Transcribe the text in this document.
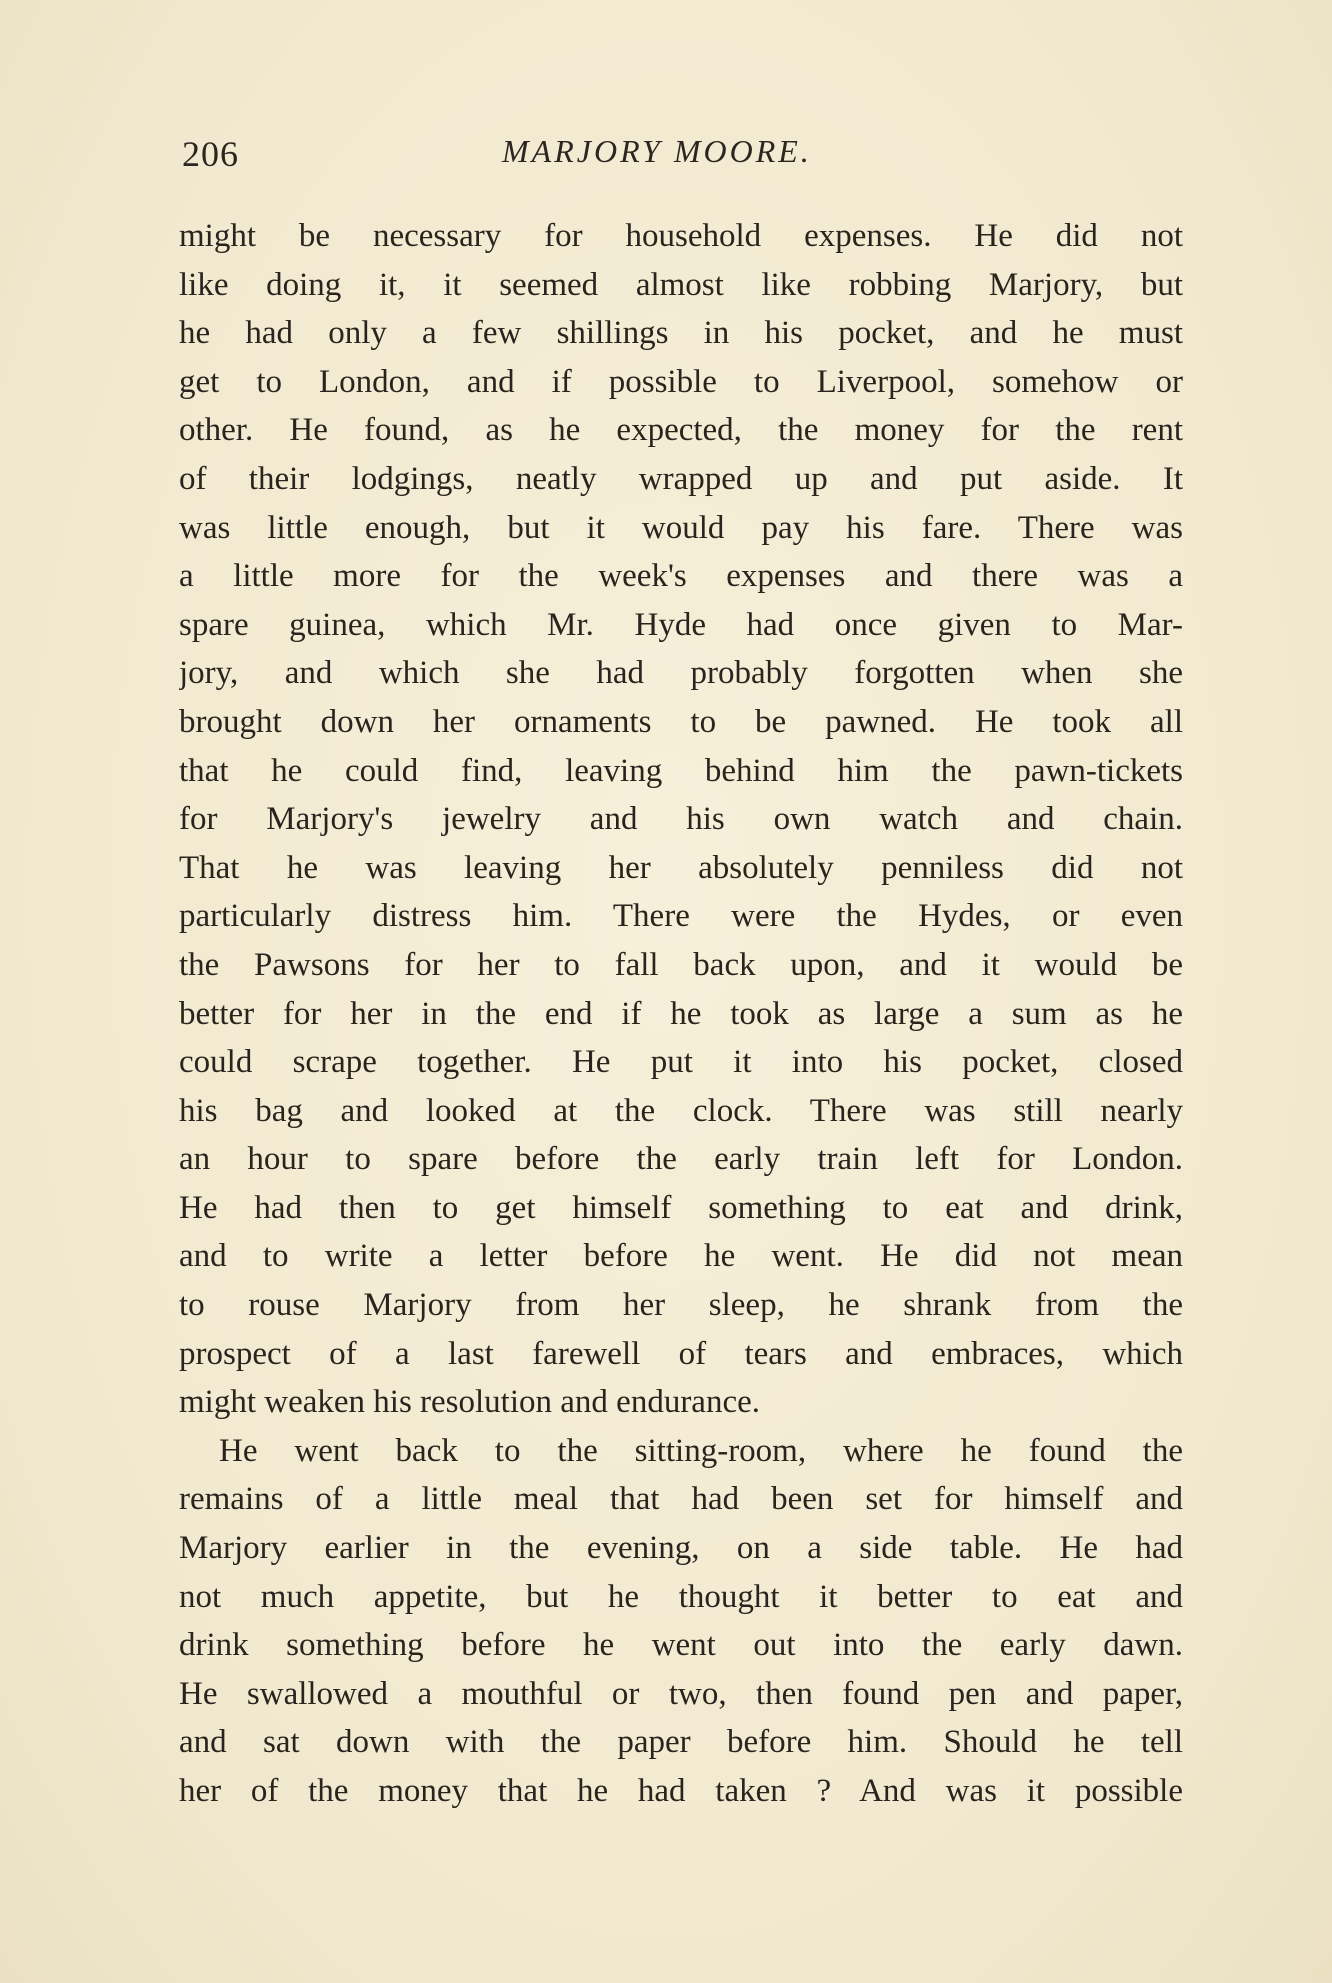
206	MARJORY MOORE.
might be necessary for household expenses. He did not
like doing it, it seemed almost like robbing Marjory, but
he had only a few shillings in his pocket, and he must
get to London, and if possible to Liverpool, somehow or
other. He found, as he expected, the money for the rent
of their lodgings, neatly wrapped up and put aside. It
was little enough, but it would pay his fare. There was
a little more for the week's expenses and there was a
spare guinea, which Mr. Hyde had once given to Mar-
jory, and which she had probably forgotten when she
brought down her ornaments to be pawned. He took all
that he could find, leaving behind him the pawn-tickets
for Marjory's jewelry and his own watch and chain.
That he was leaving her absolutely penniless did not
particularly distress him. There were the Hydes, or even
the Pawsons for her to fall back upon, and it would be
better for her in the end if he took as large a sum as he
could scrape together. He put it into his pocket, closed
his bag and looked at the clock. There was still nearly
an hour to spare before the early train left for London.
He had then to get himself something to eat and drink,
and to write a letter before he went. He did not mean
to rouse Marjory from her sleep, he shrank from the
prospect of a last farewell of tears and embraces, which
might weaken his resolution and endurance.
He went back to the sitting-room, where he found the
remains of a little meal that had been set for himself and
Marjory earlier in the evening, on a side table. He had
not much appetite, but he thought it better to eat and
drink something before he went out into the early dawn.
He swallowed a mouthful or two, then found pen and paper,
and sat down with the paper before him. Should he tell
her of the money that he had taken ? And was it possible
